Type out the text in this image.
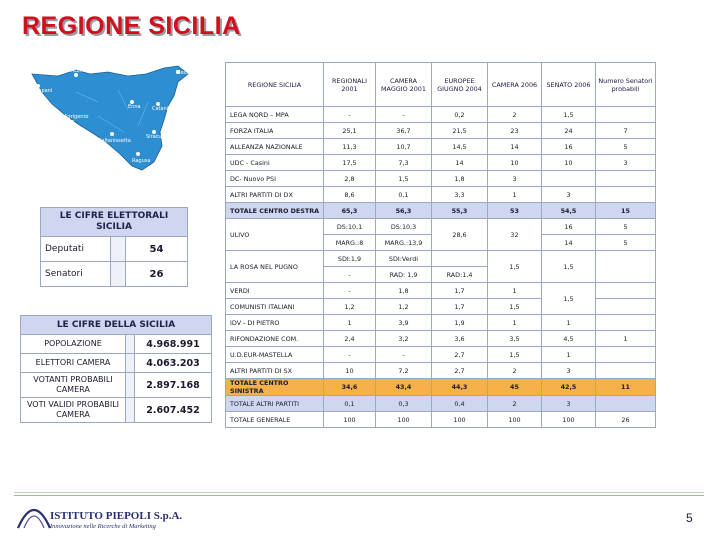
REGIONE SICILIA
PALERMO	Messina
Trapani
Enna Catania
Agrigento
Caltanissetta
Siracusa
Ragusa
LE CIFRE ELETTORALI SICILIA		
Deputati		54
Senatori		26
LE CIFRE DELLA SICILIA		
POPOLAZIONE		4.968.991
ELETTORI CAMERA		4.063.203
VOTANTI PROBABILI CAMERA		2.897.168
VOTI VALIDI PROBABILI CAMERA		2.607.452
REGIONE SICILIA	REGIONALI 2001	CAMERA MAGGIO 2001	EUROPEE GIUGNO 2004	CAMERA 2006	SENATO 2006	Numero Senatori probabili
LEGA NORD – MPA	-	-	0,2	2	1,5	
FORZA ITALIA	25,1	36,7	21,5	23	24	7
ALLEANZA NAZIONALE	11,3	10,7	14,5	14	16	5
UDC - Casini	17,5	7,3	14	10	10	3
DC- Nuovo PSI	2,8	1,5	1,8	3		
ALTRI PARTITI DI DX	8,6	0,1	3,3	1	3	
TOTALE CENTRO DESTRA	65,3	56,3	55,3	53	54,5	15
ULIVO	DS:10,1	DS:10,3	28,6	32	16	5
	MARG.:8	MARG.:13,9			14	5
LA ROSA NEL PUGNO	SDI:1,9	SDI:Verdi		1,5	1,5	
	-	RAD: 1,9	RAD:1,4			
VERDI	-	1,8	1,7	1	1,5	
COMUNISTI ITALIANI	1,2	1,2	1,7	1,5		
IDV - DI PIETRO	1	3,9	1,9	1	1	
RIFONDAZIONE COM.	2,4	3,2	3,6	3,5	4,5	1
U.D.EUR-MASTELLA	-	-	2,7	1,5	1	
ALTRI PARTITI DI SX	10	7,2	2,7	2	3	
TOTALE CENTRO SINISTRA	34,6	43,4	44,3	45	42,5	11
TOTALE ALTRI PARTITI	0,1	0,3	0,4	2	3	
TOTALE GENERALE	100	100	100	100	100	26
ISTITUTO PIEPOLI S.p.A.
Innovazione nelle Ricerche di Marketing
5
